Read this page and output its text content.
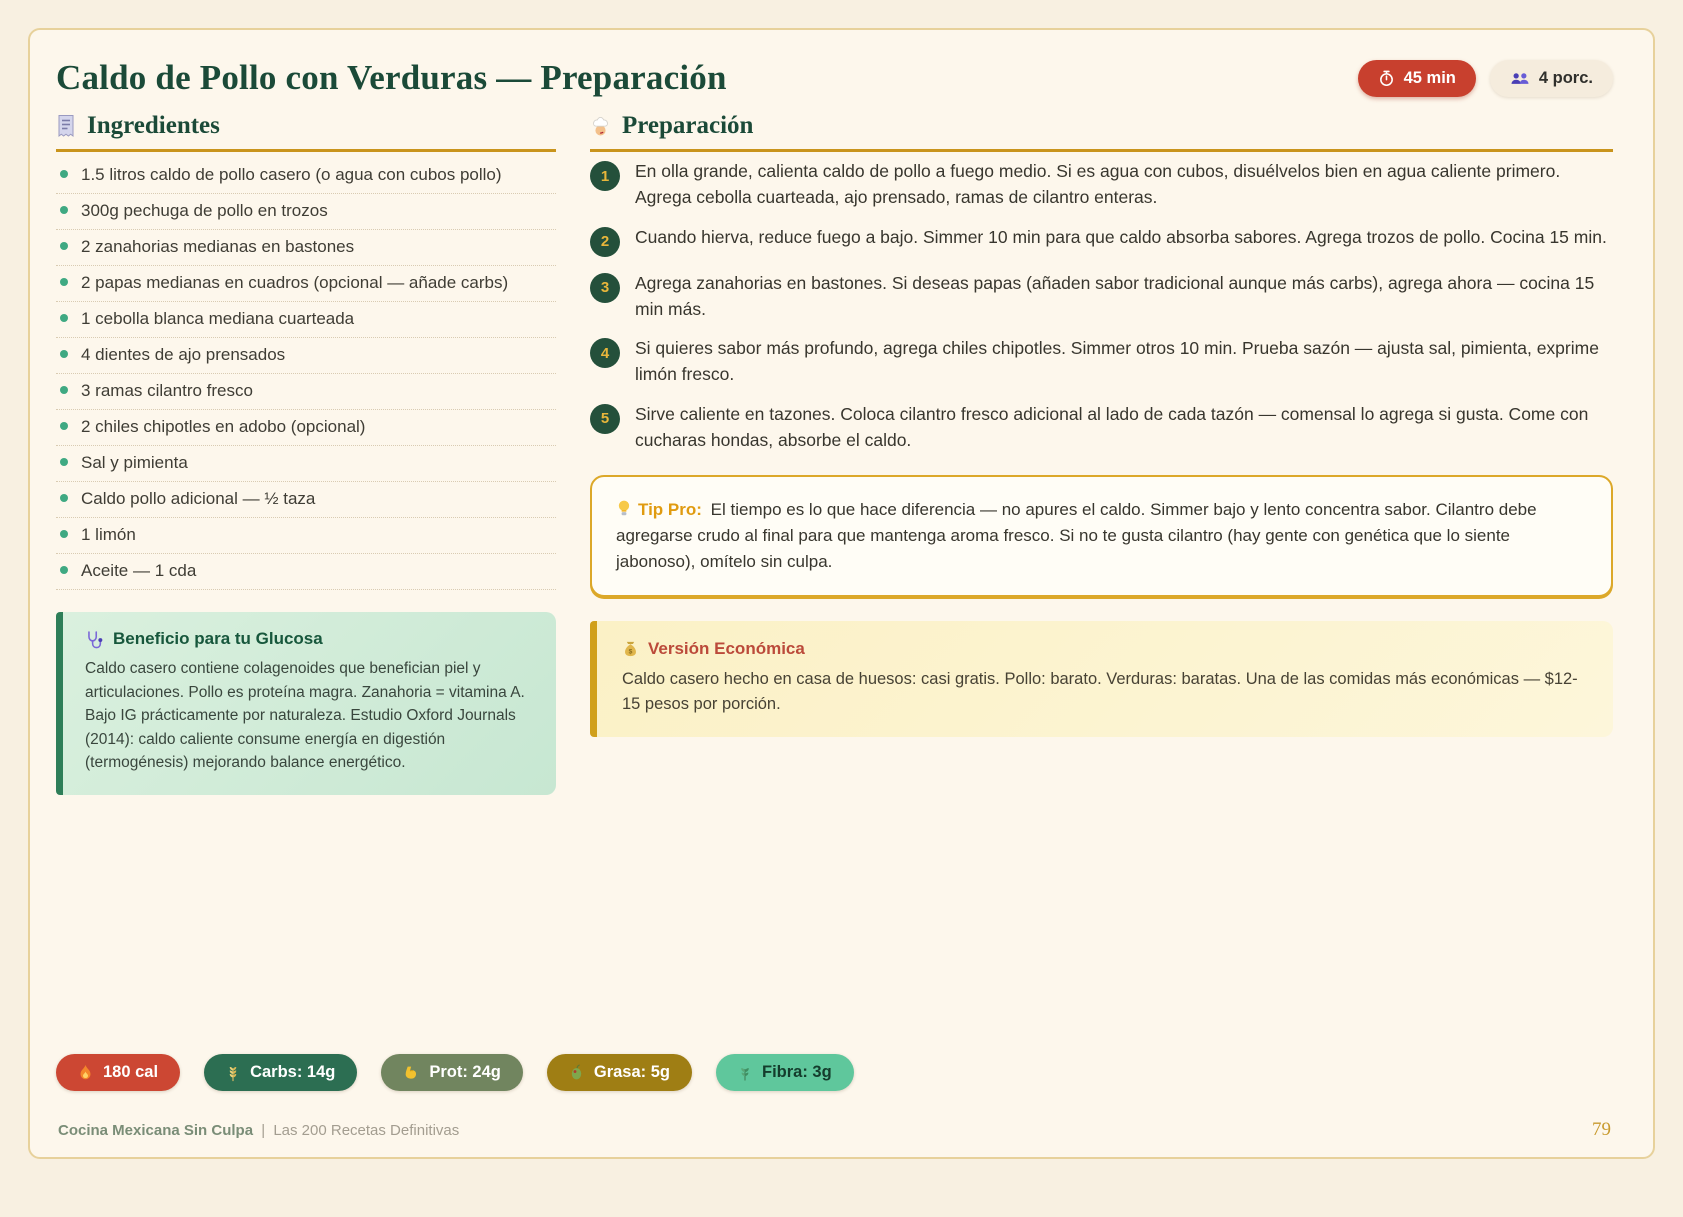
Caldo de Pollo con Verduras — Preparación	45 min	4 porc.
Ingredientes
1.5 litros caldo de pollo casero (o agua con cubos pollo)
300g pechuga de pollo en trozos
2 zanahorias medianas en bastones
2 papas medianas en cuadros (opcional — añade carbs)
1 cebolla blanca mediana cuarteada
4 dientes de ajo prensados
3 ramas cilantro fresco
2 chiles chipotles en adobo (opcional)
Sal y pimienta
Caldo pollo adicional — ½ taza
1 limón
Aceite — 1 cda
Beneficio para tu Glucosa

Caldo casero contiene colagenoides que benefician piel y articulaciones. Pollo es proteína magra. Zanahoria = vitamina A. Bajo IG prácticamente por naturaleza. Estudio Oxford Journals (2014): caldo caliente consume energía en digestión (termogénesis) mejorando balance energético.

Preparación
1	En olla grande, calienta caldo de pollo a fuego medio. Si es agua con cubos, disuélvelos bien en agua caliente primero. Agrega cebolla cuarteada, ajo prensado, ramas de cilantro enteras.

2	Cuando hierva, reduce fuego a bajo. Simmer 10 min para que caldo absorba sabores. Agrega trozos de pollo. Cocina 15 min.

3	Agrega zanahorias en bastones. Si deseas papas (añaden sabor tradicional aunque más carbs), agrega ahora — cocina 15 min más.

4	Si quieres sabor más profundo, agrega chiles chipotles. Simmer otros 10 min. Prueba sazón — ajusta sal, pimienta, exprime limón fresco.

5	Sirve caliente en tazones. Coloca cilantro fresco adicional al lado de cada tazón — comensal lo agrega si gusta. Come con cucharas hondas, absorbe el caldo.

Tip Pro: El tiempo es lo que hace diferencia — no apures el caldo. Simmer bajo y lento concentra sabor. Cilantro debe agregarse crudo al final para que mantenga aroma fresco. Si no te gusta cilantro (hay gente con genética que lo siente jabonoso), omítelo sin culpa.

$ Versión Económica

Caldo casero hecho en casa de huesos: casi gratis. Pollo: barato. Verduras: baratas. Una de las comidas más económicas — $12-15 pesos por porción.

180 cal	Carbs: 14g	Prot: 24g	Grasa: 5g	Fibra: 3g
Cocina Mexicana Sin Culpa | Las 200 Recetas Definitivas	79
